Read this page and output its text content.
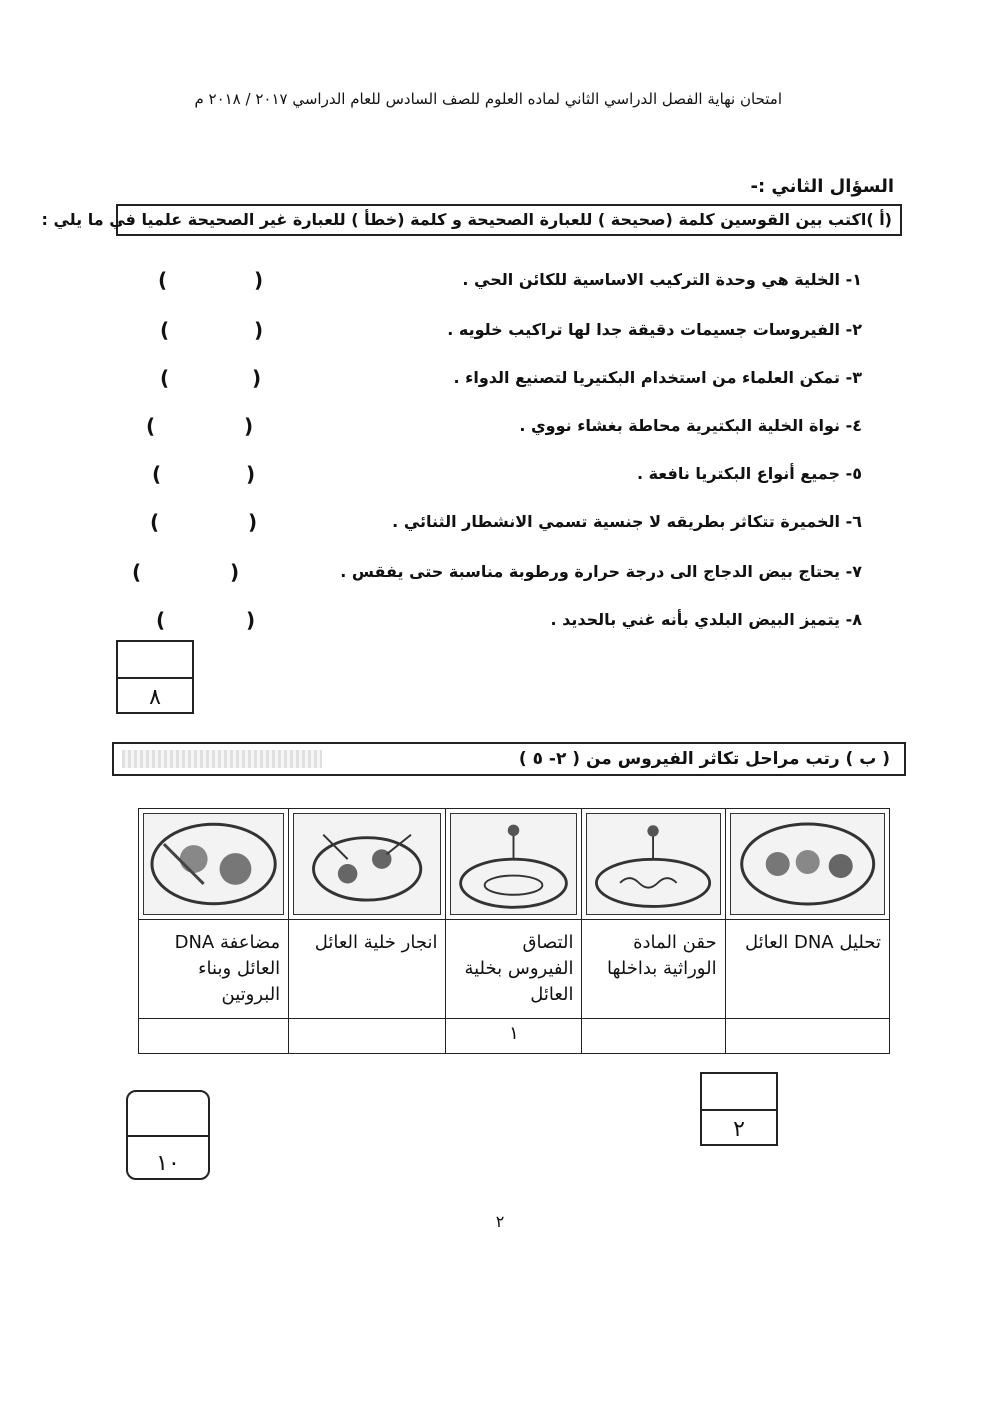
امتحان نهاية الفصل الدراسي الثاني لماده العلوم للصف السادس للعام الدراسي ٢٠١٧ / ٢٠١٨ م
السؤال الثاني :-
(أ )اكتب بين القوسين كلمة (صحيحة ) للعبارة الصحيحة و كلمة (خطأ ) للعبارة غير الصحيحة علميا في ما يلي :
١- الخلية هي وحدة التركيب الاساسية للكائن الحي .
٢- الفيروسات جسيمات دقيقة جدا لها تراكيب خلويه .
٣- تمكن العلماء من استخدام البكتيريا لتصنيع الدواء .
٤- نواة الخلية البكتيرية محاطة بغشاء نووي .
٥- جميع أنواع البكتريا نافعة .
٦- الخميرة تتكاثر بطريقه لا جنسية تسمي الانشطار الثنائي .
٧- يحتاج بيض الدجاج الى درجة حرارة ورطوبة مناسبة حتى يفقس .
٨- يتميز البيض البلدي بأنه غني بالحديد .
(	)
(	)
(	)
(	)
(	)
(	)
(	)
(	)
٨
( ب ) رتب مراحل تكاثر الفيروس من ( ٢- ٥ )

مضاعفة DNA العائل وبناء البروتين	انجار خلية العائل	التصاق الفيروس بخلية العائل	حقن المادة الوراثية بداخلها	تحليل DNA العائل

		١		

٢
١٠
٢
